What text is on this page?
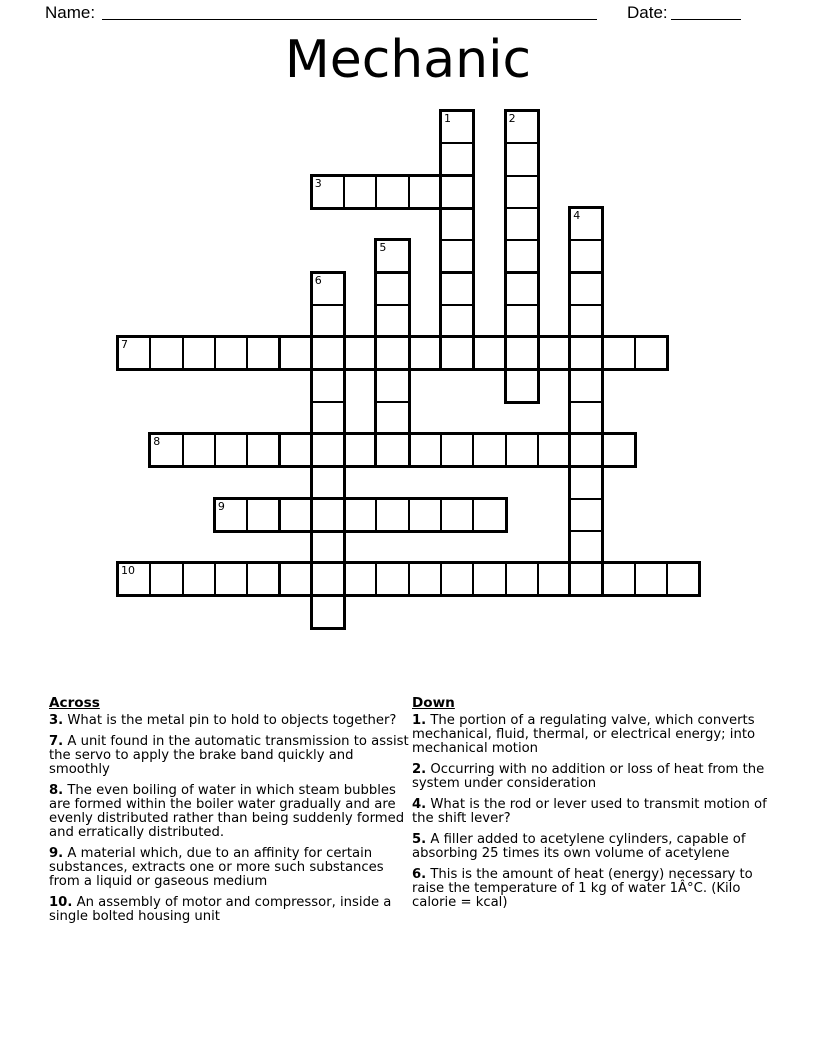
Name:	Date:
Mechanic
1	2
3
4
5
6
7
8
9
10
Across
3. What is the metal pin to hold to objects together?
7. A unit found in the automatic transmission to assist the servo to apply the brake band quickly and smoothly
8. The even boiling of water in which steam bubbles are formed within the boiler water gradually and are evenly distributed rather than being suddenly formed and erratically distributed.
9. A material which, due to an affinity for certain substances, extracts one or more such substances from a liquid or gaseous medium
10. An assembly of motor and compressor, inside a single bolted housing unit
Down
1. The portion of a regulating valve, which converts mechanical, fluid, thermal, or electrical energy; into mechanical motion
2. Occurring with no addition or loss of heat from the system under consideration
4. What is the rod or lever used to transmit motion of the shift lever?
5. A filler added to acetylene cylinders, capable of absorbing 25 times its own volume of acetylene
6. This is the amount of heat (energy) necessary to raise the temperature of 1 kg of water 1Â°C. (Kilo calorie = kcal)
